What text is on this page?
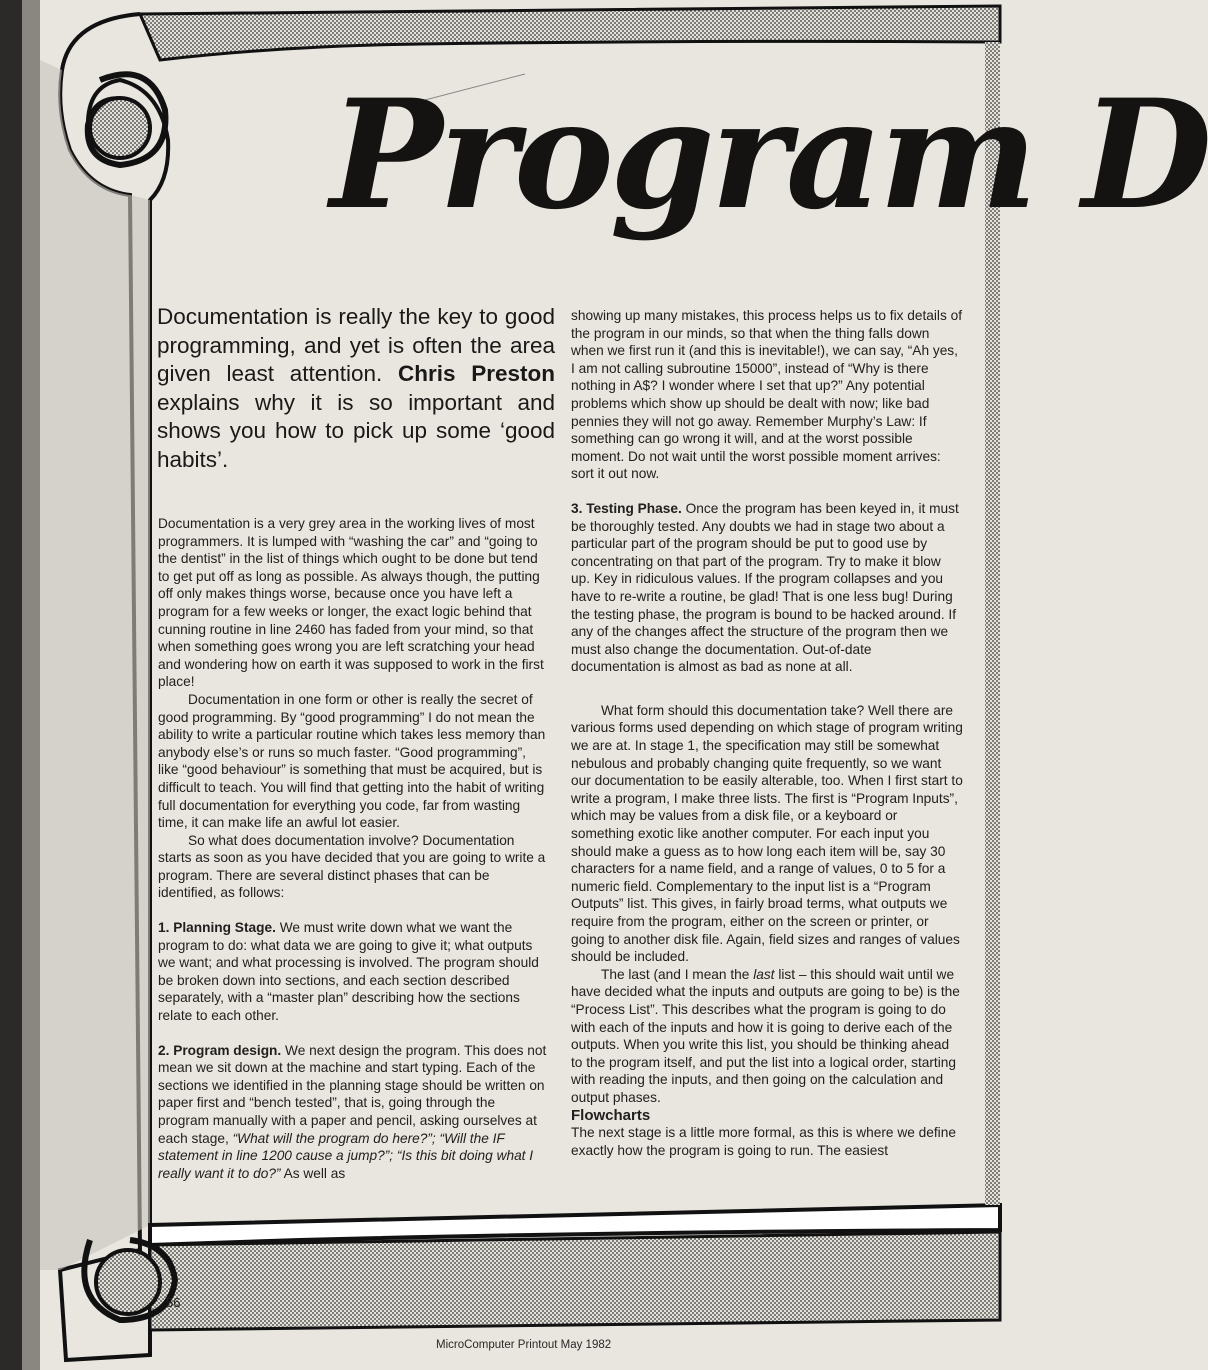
Program D
Documentation is really the key to good programming, and yet is often the area given least attention. Chris Preston explains why it is so important and shows you how to pick up some ‘good habits’.

Documentation is a very grey area in the working lives of most programmers. It is lumped with “washing the car” and “going to the dentist” in the list of things which ought to be done but tend to get put off as long as possible. As always though, the putting off only makes things worse, because once you have left a program for a few weeks or longer, the exact logic behind that cunning routine in line 2460 has faded from your mind, so that when something goes wrong you are left scratching your head and wondering how on earth it was supposed to work in the first place!

Documentation in one form or other is really the secret of good programming. By “good programming” I do not mean the ability to write a particular routine which takes less memory than anybody else’s or runs so much faster. “Good programming”, like “good behaviour” is something that must be acquired, but is difficult to teach. You will find that getting into the habit of writing full documentation for everything you code, far from wasting time, it can make life an awful lot easier.

So what does documentation involve? Documentation starts as soon as you have decided that you are going to write a program. There are several distinct phases that can be identified, as follows:

1. Planning Stage. We must write down what we want the program to do: what data we are going to give it; what outputs we want; and what processing is involved. The program should be broken down into sections, and each section described separately, with a “master plan” describing how the sections relate to each other.

2. Program design. We next design the program. This does not mean we sit down at the machine and start typing. Each of the sections we identified in the planning stage should be written on paper first and “bench tested”, that is, going through the program manually with a paper and pencil, asking ourselves at each stage, “What will the program do here?”; “Will the IF statement in line 1200 cause a jump?”; “Is this bit doing what I really want it to do?” As well as

showing up many mistakes, this process helps us to fix details of the program in our minds, so that when the thing falls down when we first run it (and this is inevitable!), we can say, “Ah yes, I am not calling subroutine 15000”, instead of “Why is there nothing in A$? I wonder where I set that up?” Any potential problems which show up should be dealt with now; like bad pennies they will not go away. Remember Murphy’s Law: If something can go wrong it will, and at the worst possible moment. Do not wait until the worst possible moment arrives: sort it out now.

3. Testing Phase. Once the program has been keyed in, it must be thoroughly tested. Any doubts we had in stage two about a particular part of the program should be put to good use by concentrating on that part of the program. Try to make it blow up. Key in ridiculous values. If the program collapses and you have to re-write a routine, be glad! That is one less bug! During the testing phase, the program is bound to be hacked around. If any of the changes affect the structure of the program then we must also change the documentation. Out-of-date documentation is almost as bad as none at all.

What form should this documentation take? Well there are various forms used depending on which stage of program writing we are at. In stage 1, the specification may still be somewhat nebulous and probably changing quite frequently, so we want our documentation to be easily alterable, too. When I first start to write a program, I make three lists. The first is “Program Inputs”, which may be values from a disk file, or a keyboard or something exotic like another computer. For each input you should make a guess as to how long each item will be, say 30 characters for a name field, and a range of values, 0 to 5 for a numeric field. Complementary to the input list is a “Program Outputs” list. This gives, in fairly broad terms, what outputs we require from the program, either on the screen or printer, or going to another disk file. Again, field sizes and ranges of values should be included.

The last (and I mean the last list – this should wait until we have decided what the inputs and outputs are going to be) is the “Process List”. This describes what the program is going to do with each of the inputs and how it is going to derive each of the outputs. When you write this list, you should be thinking ahead to the program itself, and put the list into a logical order, starting with reading the inputs, and then going on the calculation and output phases.

Flowcharts

The next stage is a little more formal, as this is where we define exactly how the program is going to run. The easiest

56
MicroComputer Printout May 1982
